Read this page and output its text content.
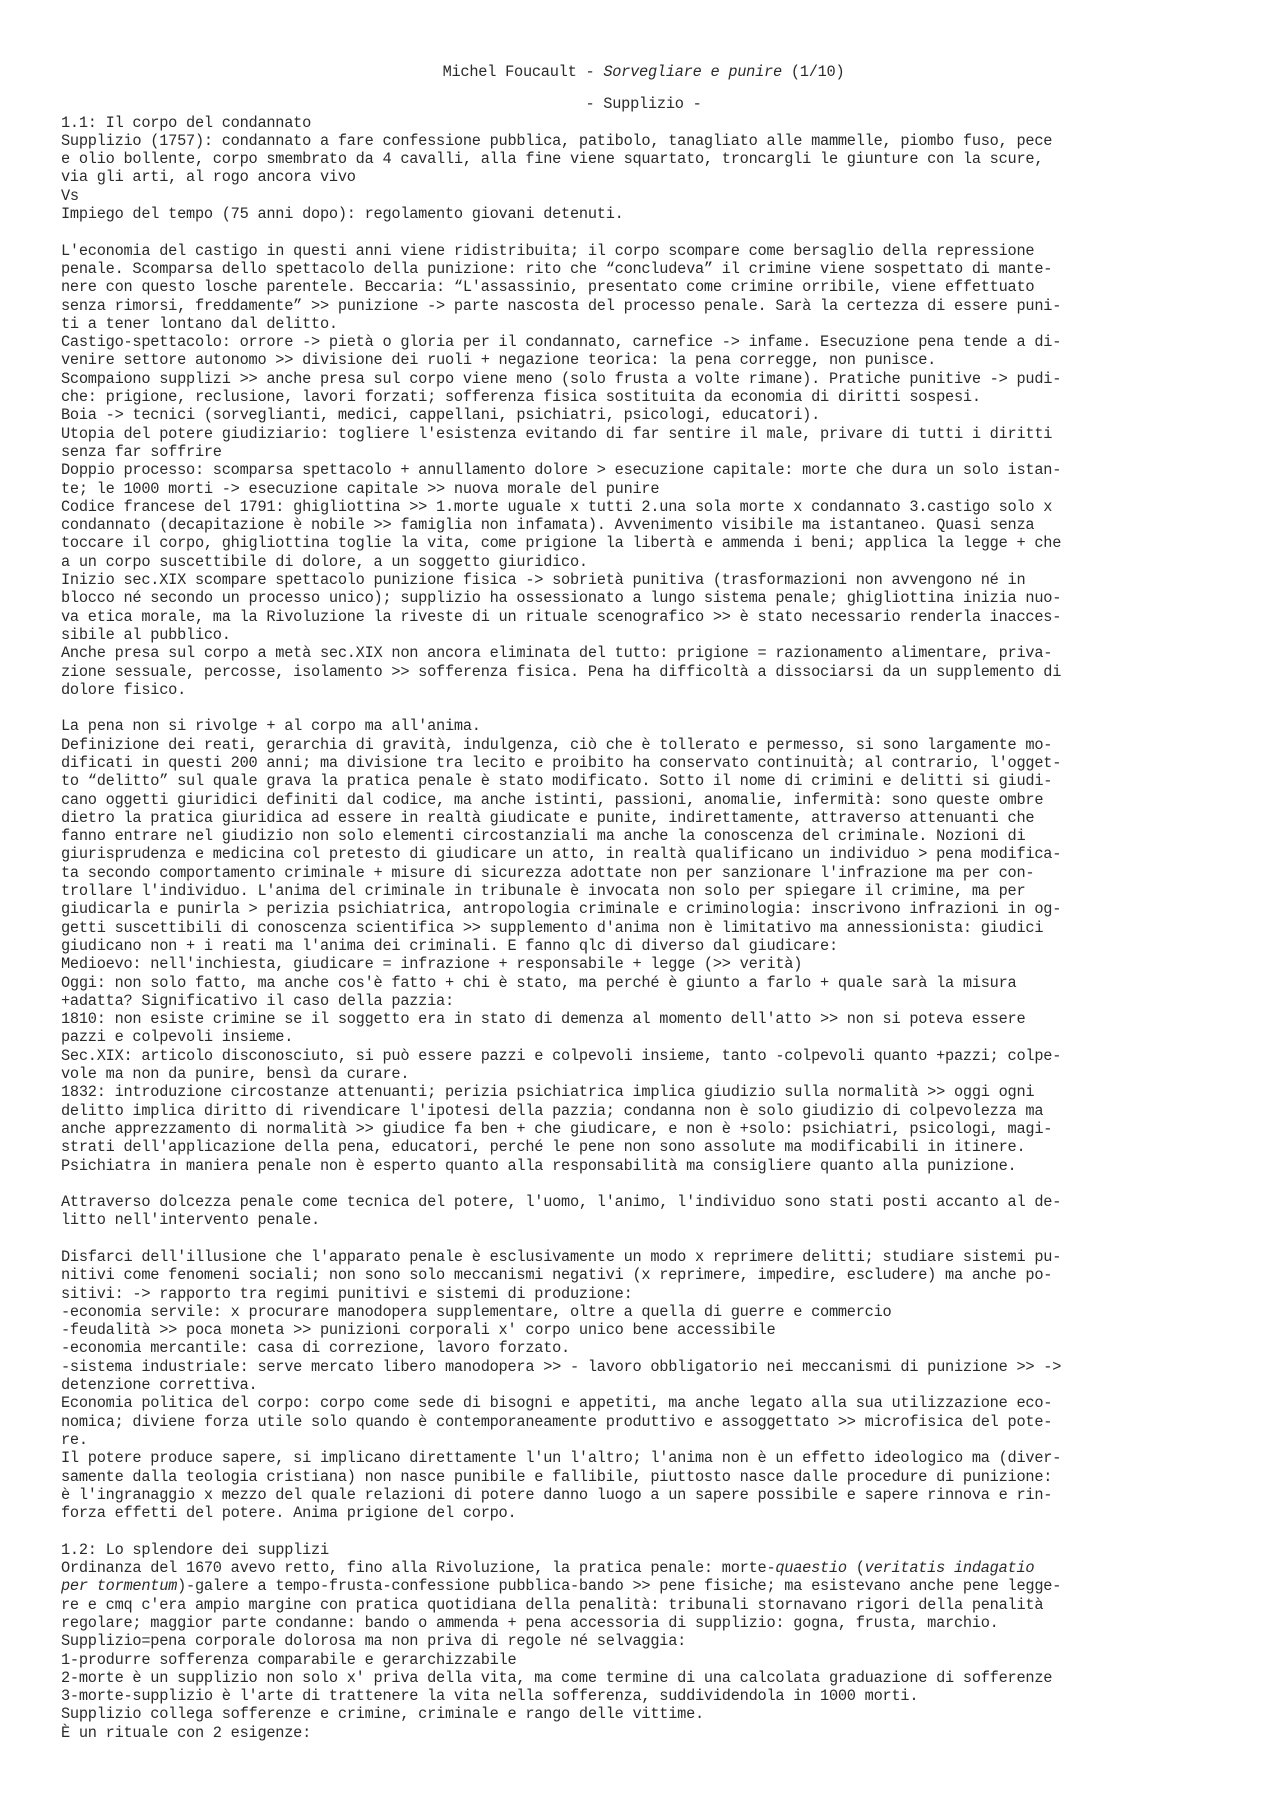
Michel Foucault - Sorvegliare e punire (1/10)
- Supplizio -
1.1: Il corpo del condannato
Supplizio (1757): condannato a fare confessione pubblica, patibolo, tanagliato alle mammelle, piombo fuso, pece
e olio bollente, corpo smembrato da 4 cavalli, alla fine viene squartato, troncargli le giunture con la scure,
via gli arti, al rogo ancora vivo
Vs
Impiego del tempo (75 anni dopo): regolamento giovani detenuti.
L'economia del castigo in questi anni viene ridistribuita; il corpo scompare come bersaglio della repressione
penale. Scomparsa dello spettacolo della punizione: rito che “concludeva” il crimine viene sospettato di mante-
nere con questo losche parentele. Beccaria: “L'assassinio, presentato come crimine orribile, viene effettuato
senza rimorsi, freddamente” >> punizione -> parte nascosta del processo penale. Sarà la certezza di essere puni-
ti a tener lontano dal delitto.
Castigo-spettacolo: orrore -> pietà o gloria per il condannato, carnefice -> infame. Esecuzione pena tende a di-
venire settore autonomo >> divisione dei ruoli + negazione teorica: la pena corregge, non punisce.
Scompaiono supplizi >> anche presa sul corpo viene meno (solo frusta a volte rimane). Pratiche punitive -> pudi-
che: prigione, reclusione, lavori forzati; sofferenza fisica sostituita da economia di diritti sospesi.
Boia -> tecnici (sorveglianti, medici, cappellani, psichiatri, psicologi, educatori).
Utopia del potere giudiziario: togliere l'esistenza evitando di far sentire il male, privare di tutti i diritti
senza far soffrire
Doppio processo: scomparsa spettacolo + annullamento dolore > esecuzione capitale: morte che dura un solo istan-
te; le 1000 morti -> esecuzione capitale >> nuova morale del punire
Codice francese del 1791: ghigliottina >> 1.morte uguale x tutti 2.una sola morte x condannato 3.castigo solo x
condannato (decapitazione è nobile >> famiglia non infamata). Avvenimento visibile ma istantaneo. Quasi senza
toccare il corpo, ghigliottina toglie la vita, come prigione la libertà e ammenda i beni; applica la legge + che
a un corpo suscettibile di dolore, a un soggetto giuridico.
Inizio sec.XIX scompare spettacolo punizione fisica -> sobrietà punitiva (trasformazioni non avvengono né in
blocco né secondo un processo unico); supplizio ha ossessionato a lungo sistema penale; ghigliottina inizia nuo-
va etica morale, ma la Rivoluzione la riveste di un rituale scenografico >> è stato necessario renderla inacces-
sibile al pubblico.
Anche presa sul corpo a metà sec.XIX non ancora eliminata del tutto: prigione = razionamento alimentare, priva-
zione sessuale, percosse, isolamento >> sofferenza fisica. Pena ha difficoltà a dissociarsi da un supplemento di
dolore fisico.
La pena non si rivolge + al corpo ma all'anima.
Definizione dei reati, gerarchia di gravità, indulgenza, ciò che è tollerato e permesso, si sono largamente mo-
dificati in questi 200 anni; ma divisione tra lecito e proibito ha conservato continuità; al contrario, l'ogget-
to “delitto” sul quale grava la pratica penale è stato modificato. Sotto il nome di crimini e delitti si giudi-
cano oggetti giuridici definiti dal codice, ma anche istinti, passioni, anomalie, infermità: sono queste ombre
dietro la pratica giuridica ad essere in realtà giudicate e punite, indirettamente, attraverso attenuanti che
fanno entrare nel giudizio non solo elementi circostanziali ma anche la conoscenza del criminale. Nozioni di
giurisprudenza e medicina col pretesto di giudicare un atto, in realtà qualificano un individuo > pena modifica-
ta secondo comportamento criminale + misure di sicurezza adottate non per sanzionare l'infrazione ma per con-
trollare l'individuo. L'anima del criminale in tribunale è invocata non solo per spiegare il crimine, ma per
giudicarla e punirla > perizia psichiatrica, antropologia criminale e criminologia: inscrivono infrazioni in og-
getti suscettibili di conoscenza scientifica >> supplemento d'anima non è limitativo ma annessionista: giudici
giudicano non + i reati ma l'anima dei criminali. E fanno qlc di diverso dal giudicare:
Medioevo: nell'inchiesta, giudicare = infrazione + responsabile + legge (>> verità)
Oggi: non solo fatto, ma anche cos'è fatto + chi è stato, ma perché è giunto a farlo + quale sarà la misura
+adatta? Significativo il caso della pazzia:
1810: non esiste crimine se il soggetto era in stato di demenza al momento dell'atto >> non si poteva essere
pazzi e colpevoli insieme.
Sec.XIX: articolo disconosciuto, si può essere pazzi e colpevoli insieme, tanto -colpevoli quanto +pazzi; colpe-
vole ma non da punire, bensì da curare.
1832: introduzione circostanze attenuanti; perizia psichiatrica implica giudizio sulla normalità >> oggi ogni
delitto implica diritto di rivendicare l'ipotesi della pazzia; condanna non è solo giudizio di colpevolezza ma
anche apprezzamento di normalità >> giudice fa ben + che giudicare, e non è +solo: psichiatri, psicologi, magi-
strati dell'applicazione della pena, educatori, perché le pene non sono assolute ma modificabili in itinere.
Psichiatra in maniera penale non è esperto quanto alla responsabilità ma consigliere quanto alla punizione.
Attraverso dolcezza penale come tecnica del potere, l'uomo, l'animo, l'individuo sono stati posti accanto al de-
litto nell'intervento penale.
Disfarci dell'illusione che l'apparato penale è esclusivamente un modo x reprimere delitti; studiare sistemi pu-
nitivi come fenomeni sociali; non sono solo meccanismi negativi (x reprimere, impedire, escludere) ma anche po-
sitivi: -> rapporto tra regimi punitivi e sistemi di produzione:
-economia servile: x procurare manodopera supplementare, oltre a quella di guerre e commercio
-feudalità >> poca moneta >> punizioni corporali x' corpo unico bene accessibile
-economia mercantile: casa di correzione, lavoro forzato.
-sistema industriale: serve mercato libero manodopera >> - lavoro obbligatorio nei meccanismi di punizione >> ->
detenzione correttiva.
Economia politica del corpo: corpo come sede di bisogni e appetiti, ma anche legato alla sua utilizzazione eco-
nomica; diviene forza utile solo quando è contemporaneamente produttivo e assoggettato >> microfisica del pote-
re.
Il potere produce sapere, si implicano direttamente l'un l'altro; l'anima non è un effetto ideologico ma (diver-
samente dalla teologia cristiana) non nasce punibile e fallibile, piuttosto nasce dalle procedure di punizione:
è l'ingranaggio x mezzo del quale relazioni di potere danno luogo a un sapere possibile e sapere rinnova e rin-
forza effetti del potere. Anima prigione del corpo.
1.2: Lo splendore dei supplizi
Ordinanza del 1670 avevo retto, fino alla Rivoluzione, la pratica penale: morte-quaestio (veritatis indagatio
per tormentum)-galere a tempo-frusta-confessione pubblica-bando >> pene fisiche; ma esistevano anche pene legge-
re e cmq c'era ampio margine con pratica quotidiana della penalità: tribunali stornavano rigori della penalità
regolare; maggior parte condanne: bando o ammenda + pena accessoria di supplizio: gogna, frusta, marchio.
Supplizio=pena corporale dolorosa ma non priva di regole né selvaggia:
1-produrre sofferenza comparabile e gerarchizzabile
2-morte è un supplizio non solo x' priva della vita, ma come termine di una calcolata graduazione di sofferenze
3-morte-supplizio è l'arte di trattenere la vita nella sofferenza, suddividendola in 1000 morti.
Supplizio collega sofferenze e crimine, criminale e rango delle vittime.
È un rituale con 2 esigenze:
